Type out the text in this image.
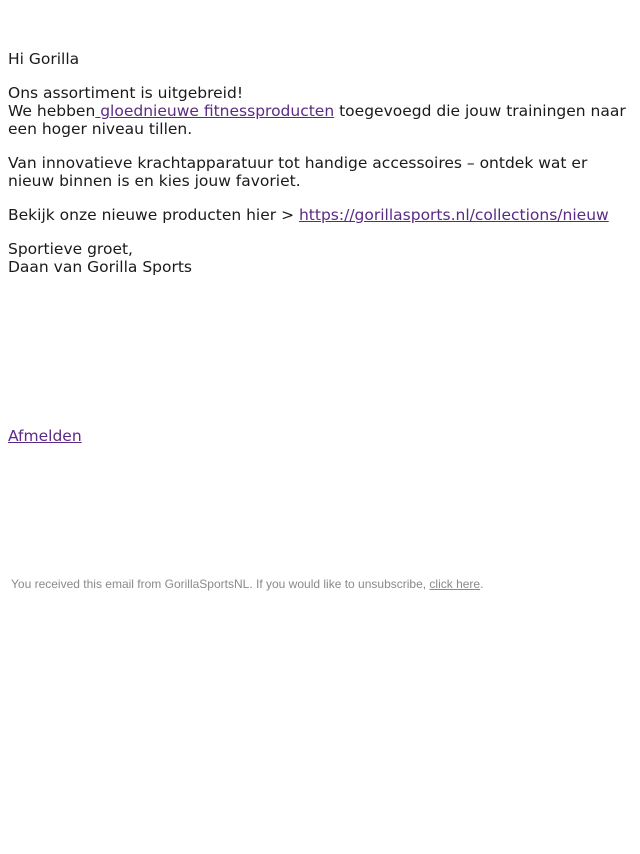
Hi Gorilla

Ons assortiment is uitgebreid!
We hebben gloednieuwe fitnessproducten toegevoegd die jouw trainingen naar een hoger niveau tillen.

Van innovatieve krachtapparatuur tot handige accessoires – ontdek wat er nieuw binnen is en kies jouw favoriet.

Bekijk onze nieuwe producten hier > https://gorillasports.nl/collections/nieuw

Sportieve groet,
Daan van Gorilla Sports

Afmelden
You received this email from GorillaSportsNL. If you would like to unsubscribe, click here.
